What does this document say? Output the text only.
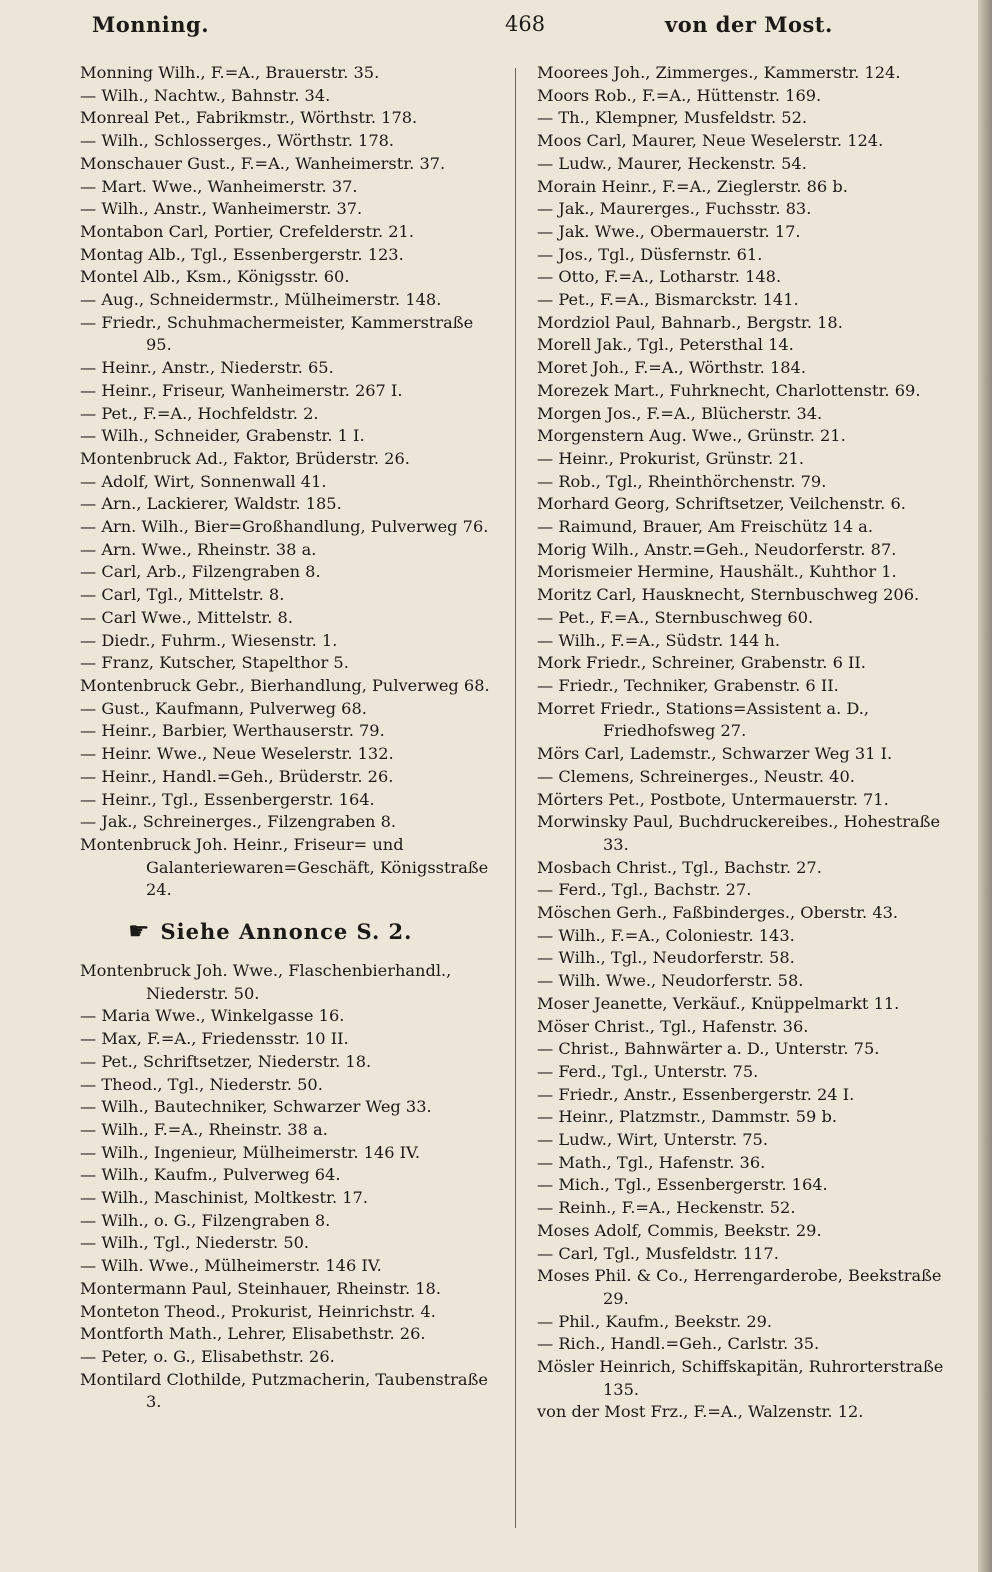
Monning.	468	von der Most.

Monning Wilh., F.=A., Brauerstr. 35.

— Wilh., Nachtw., Bahnstr. 34.

Monreal Pet., Fabrikmstr., Wörthstr. 178.

— Wilh., Schlosserges., Wörthstr. 178.

Monschauer Gust., F.=A., Wanheimerstr. 37.

— Mart. Wwe., Wanheimerstr. 37.

— Wilh., Anstr., Wanheimerstr. 37.

Montabon Carl, Portier, Crefelderstr. 21.

Montag Alb., Tgl., Essenbergerstr. 123.

Montel Alb., Ksm., Königsstr. 60.

— Aug., Schneidermstr., Mülheimerstr. 148.

— Friedr., Schuhmachermeister, Kammerstraße 95.

— Heinr., Anstr., Niederstr. 65.

— Heinr., Friseur, Wanheimerstr. 267 I.

— Pet., F.=A., Hochfeldstr. 2.

— Wilh., Schneider, Grabenstr. 1 I.

Montenbruck Ad., Faktor, Brüderstr. 26.

— Adolf, Wirt, Sonnenwall 41.

— Arn., Lackierer, Waldstr. 185.

— Arn. Wilh., Bier=Großhandlung, Pulverweg 76.

— Arn. Wwe., Rheinstr. 38 a.

— Carl, Arb., Filzengraben 8.

— Carl, Tgl., Mittelstr. 8.

— Carl Wwe., Mittelstr. 8.

— Diedr., Fuhrm., Wiesenstr. 1.

— Franz, Kutscher, Stapelthor 5.

Montenbruck Gebr., Bierhandlung, Pulverweg 68.

— Gust., Kaufmann, Pulverweg 68.

— Heinr., Barbier, Werthauserstr. 79.

— Heinr. Wwe., Neue Weselerstr. 132.

— Heinr., Handl.=Geh., Brüderstr. 26.

— Heinr., Tgl., Essenbergerstr. 164.

— Jak., Schreinerges., Filzengraben 8.

Montenbruck Joh. Heinr., Friseur= und Galanteriewaren=Geschäft, Königsstraße 24.

☛ Siehe Annonce S. 2.

Montenbruck Joh. Wwe., Flaschenbierhandl., Niederstr. 50.

— Maria Wwe., Winkelgasse 16.

— Max, F.=A., Friedensstr. 10 II.

— Pet., Schriftsetzer, Niederstr. 18.

— Theod., Tgl., Niederstr. 50.

— Wilh., Bautechniker, Schwarzer Weg 33.

— Wilh., F.=A., Rheinstr. 38 a.

— Wilh., Ingenieur, Mülheimerstr. 146 IV.

— Wilh., Kaufm., Pulverweg 64.

— Wilh., Maschinist, Moltkestr. 17.

— Wilh., o. G., Filzengraben 8.

— Wilh., Tgl., Niederstr. 50.

— Wilh. Wwe., Mülheimerstr. 146 IV.

Montermann Paul, Steinhauer, Rheinstr. 18.

Monteton Theod., Prokurist, Heinrichstr. 4.

Montforth Math., Lehrer, Elisabethstr. 26.

— Peter, o. G., Elisabethstr. 26.

Montilard Clothilde, Putzmacherin, Taubenstraße 3.

Moorees Joh., Zimmerges., Kammerstr. 124.

Moors Rob., F.=A., Hüttenstr. 169.

— Th., Klempner, Musfeldstr. 52.

Moos Carl, Maurer, Neue Weselerstr. 124.

— Ludw., Maurer, Heckenstr. 54.

Morain Heinr., F.=A., Zieglerstr. 86 b.

— Jak., Maurerges., Fuchsstr. 83.

— Jak. Wwe., Obermauerstr. 17.

— Jos., Tgl., Düsfernstr. 61.

— Otto, F.=A., Lotharstr. 148.

— Pet., F.=A., Bismarckstr. 141.

Mordziol Paul, Bahnarb., Bergstr. 18.

Morell Jak., Tgl., Petersthal 14.

Moret Joh., F.=A., Wörthstr. 184.

Morezek Mart., Fuhrknecht, Charlottenstr. 69.

Morgen Jos., F.=A., Blücherstr. 34.

Morgenstern Aug. Wwe., Grünstr. 21.

— Heinr., Prokurist, Grünstr. 21.

— Rob., Tgl., Rheinthörchenstr. 79.

Morhard Georg, Schriftsetzer, Veilchenstr. 6.

— Raimund, Brauer, Am Freischütz 14 a.

Morig Wilh., Anstr.=Geh., Neudorferstr. 87.

Morismeier Hermine, Haushält., Kuhthor 1.

Moritz Carl, Hausknecht, Sternbuschweg 206.

— Pet., F.=A., Sternbuschweg 60.

— Wilh., F.=A., Südstr. 144 h.

Mork Friedr., Schreiner, Grabenstr. 6 II.

— Friedr., Techniker, Grabenstr. 6 II.

Morret Friedr., Stations=Assistent a. D., Friedhofsweg 27.

Mörs Carl, Lademstr., Schwarzer Weg 31 I.

— Clemens, Schreinerges., Neustr. 40.

Mörters Pet., Postbote, Untermauerstr. 71.

Morwinsky Paul, Buchdruckereibes., Hohestraße 33.

Mosbach Christ., Tgl., Bachstr. 27.

— Ferd., Tgl., Bachstr. 27.

Möschen Gerh., Faßbinderges., Oberstr. 43.

— Wilh., F.=A., Coloniestr. 143.

— Wilh., Tgl., Neudorferstr. 58.

— Wilh. Wwe., Neudorferstr. 58.

Moser Jeanette, Verkäuf., Knüppelmarkt 11.

Möser Christ., Tgl., Hafenstr. 36.

— Christ., Bahnwärter a. D., Unterstr. 75.

— Ferd., Tgl., Unterstr. 75.

— Friedr., Anstr., Essenbergerstr. 24 I.

— Heinr., Platzmstr., Dammstr. 59 b.

— Ludw., Wirt, Unterstr. 75.

— Math., Tgl., Hafenstr. 36.

— Mich., Tgl., Essenbergerstr. 164.

— Reinh., F.=A., Heckenstr. 52.

Moses Adolf, Commis, Beekstr. 29.

— Carl, Tgl., Musfeldstr. 117.

Moses Phil. & Co., Herrengarderobe, Beekstraße 29.

— Phil., Kaufm., Beekstr. 29.

— Rich., Handl.=Geh., Carlstr. 35.

Mösler Heinrich, Schiffskapitän, Ruhrorterstraße 135.

von der Most Frz., F.=A., Walzenstr. 12.
